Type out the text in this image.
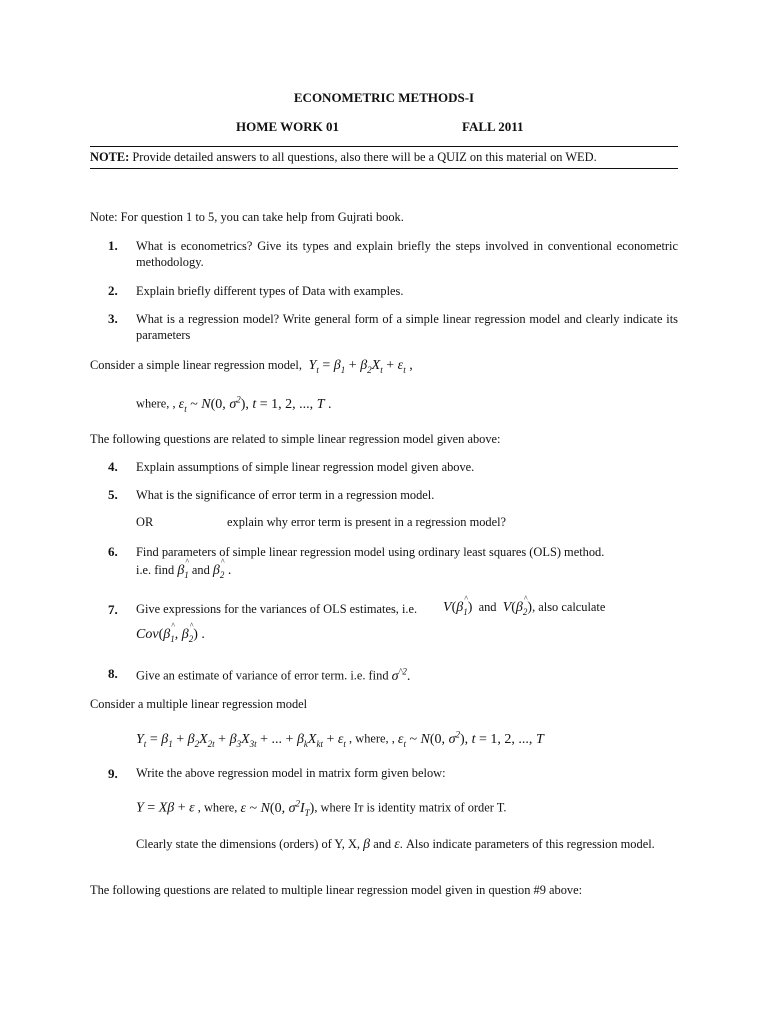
ECONOMETRIC METHODS-I
HOME WORK 01	FALL 2011
NOTE: Provide detailed answers to all questions, also there will be a QUIZ on this material on WED.
Note: For question 1 to 5, you can take help from Gujrati book.
1. What is econometrics? Give its types and explain briefly the steps involved in conventional econometric methodology.
2. Explain briefly different types of Data with examples.
3. What is a regression model? Write general form of a simple linear regression model and clearly indicate its parameters
Consider a simple linear regression model,  $Y_t = \beta_1 + \beta_2X_t + \varepsilon_t$ ,
where, , $\varepsilon_t$ ~ N(0, $\sigma^2$), t = 1, 2, ..., T .
The following questions are related to simple linear regression model given above:
4. Explain assumptions of simple linear regression model given above.
5. What is the significance of error term in a regression model.
OR	explain why error term is present in a regression model?
6. Find parameters of simple linear regression model using ordinary least squares (OLS) method.
i.e. find β $\^{}_1$ and β $\^{}_2$ .
7. Give expressions for the variances of OLS estimates, i.e. V(β $\^{}_1$) and V(β $\^{}_2$), also calculate
Cov(β $\^{}_1$, β $\^{}_2$) .
8. Give an estimate of variance of error term. i.e. find $\sigma^{\^{}2}$.
Consider a multiple linear regression model
$Y_t = \beta_1 + \beta_2X_{2t} + \beta_3X_{3t}$ + ... + $\beta_kX_{kt} + \varepsilon_t$ , where, , $\varepsilon_t$ ~ N(0, $\sigma^2$), t = 1, 2, ..., T
9. Write the above regression model in matrix form given below:
Y = Xβ + ε , where, ε ~ N(0, $\sigma^2I_T$), where Iᴛ is identity matrix of order T.
Clearly state the dimensions (orders) of Y, X, β and ε. Also indicate parameters of this regression model.
The following questions are related to multiple linear regression model given in question #9 above:
